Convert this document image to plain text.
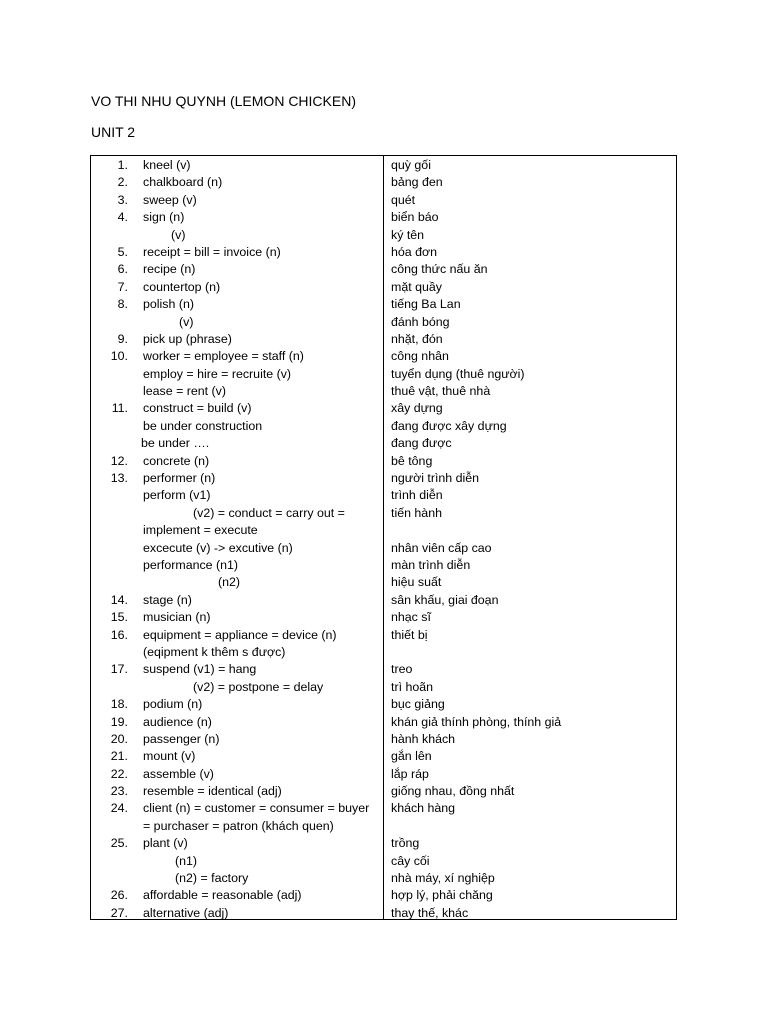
VO THI NHU QUYNH (LEMON CHICKEN)
UNIT 2
1. kneel (v)	quỳ gối
2. chalkboard (n)	bảng đen
3. sweep (v)	quét
4. sign (n)	biển báo
(v)	ký tên
5. receipt = bill = invoice (n)	hóa đơn
6. recipe (n)	công thức nấu ăn
7. countertop (n)	mặt quầy
8. polish (n)	tiếng Ba Lan
(v)	đánh bóng
9. pick up (phrase)	nhặt, đón
10. worker = employee = staff (n)	công nhân
employ = hire = recruite (v)	tuyển dụng (thuê người)
lease = rent (v)	thuê vật, thuê nhà
11. construct = build (v)	xây dựng
be under construction	đang được xây dựng
be under ….	đang được
12. concrete (n)	bê tông
13. performer (n)	người trình diễn
perform (v1)	trình diễn
(v2) = conduct = carry out =	tiến hành
implement = execute
excecute (v) -> excutive (n)	nhân viên cấp cao
performance (n1)	màn trình diễn
(n2)	hiệu suất
14. stage (n)	sân khấu, giai đoạn
15. musician (n)	nhạc sĩ
16. equipment = appliance = device (n)	thiết bị
(eqipment k thêm s được)
17. suspend (v1) = hang	treo
(v2) = postpone = delay	trì hoãn
18. podium (n)	bục giảng
19. audience (n)	khán giả thính phòng, thính giả
20. passenger (n)	hành khách
21. mount (v)	gắn lên
22. assemble (v)	lắp ráp
23. resemble = identical (adj)	giống nhau, đồng nhất
24. client (n) = customer = consumer = buyer khách hàng
= purchaser = patron (khách quen)
25. plant (v)	trồng
(n1)	cây cối
(n2) = factory	nhà máy, xí nghiệp
26. affordable = reasonable (adj)	hợp lý, phải chăng
27. alternative (adj)	thay thế, khác
